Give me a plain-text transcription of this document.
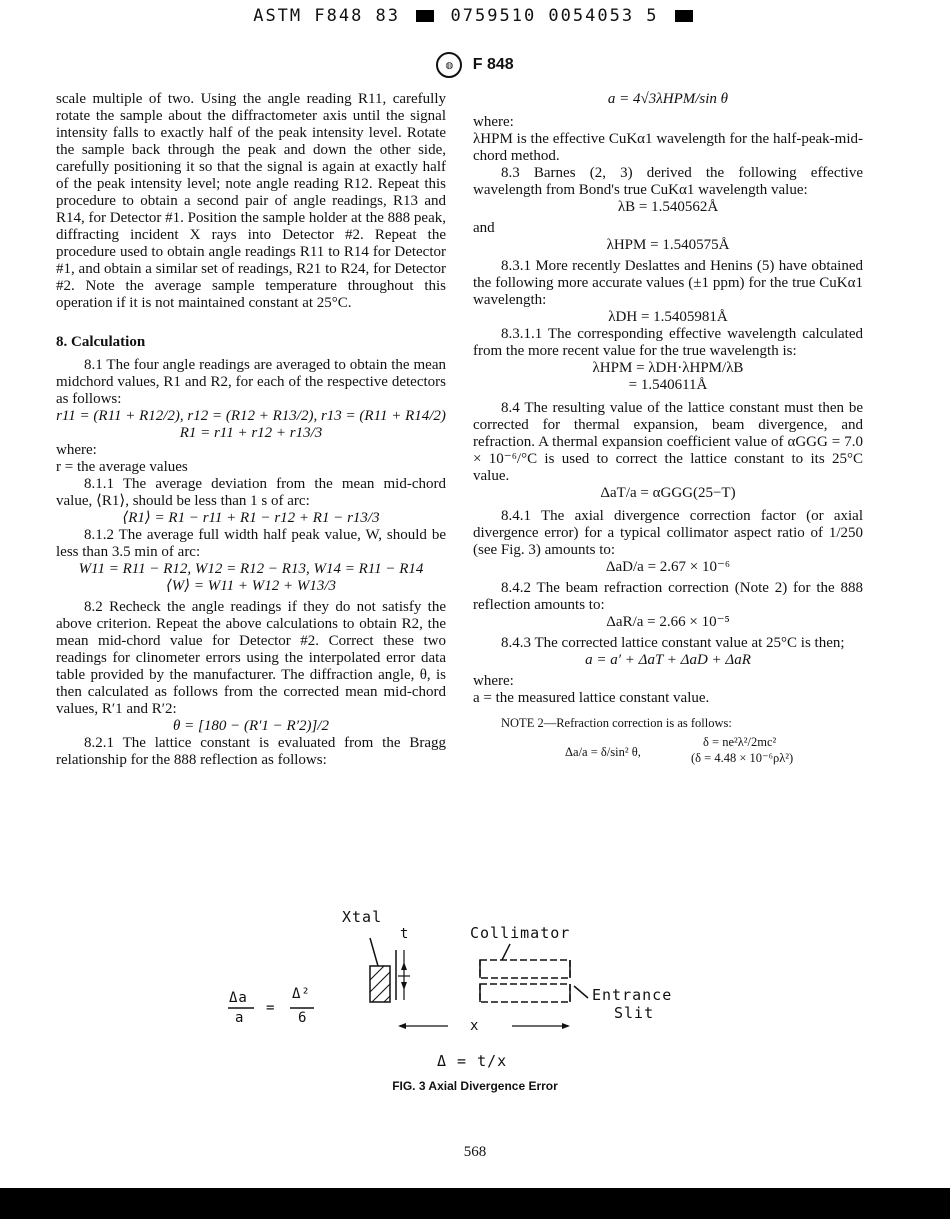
ASTM F848 83	0759510 0054053 5
◍ F 848

scale multiple of two. Using the angle reading R11, carefully rotate the sample about the diffractometer axis until the signal intensity falls to exactly half of the peak intensity level. Rotate the sample back through the peak and down the other side, carefully positioning it so that the signal is again at exactly half of the peak intensity level; note angle reading R12. Repeat this procedure to obtain a second pair of angle readings, R13 and R14, for Detector #1. Position the sample holder at the 888 peak, diffracting incident X rays into Detector #2. Repeat the procedure used to obtain angle readings R11 to R14 for Detector #1, and obtain a similar set of readings, R21 to R24, for Detector #2. Note the average sample temperature throughout this operation if it is not maintained constant at 25°C.

8. Calculation

8.1 The four angle readings are averaged to obtain the mean midchord values, R1 and R2, for each of the respective detectors as follows:

r11 = (R11 + R12/2), r12 = (R12 + R13/2), r13 = (R11 + R14/2)

R1 = r11 + r12 + r13/3

where:

r = the average values

8.1.1 The average deviation from the mean mid-chord value, ⟨R1⟩, should be less than 1 s of arc:

⟨R1⟩ = R1 − r11 + R1 − r12 + R1 − r13/3

8.1.2 The average full width half peak value, W, should be less than 3.5 min of arc:

W11 = R11 − R12, W12 = R12 − R13, W14 = R11 − R14

⟨W⟩ = W11 + W12 + W13/3

8.2 Recheck the angle readings if they do not satisfy the above criterion. Repeat the above calculations to obtain R2, the mean mid-chord value for Detector #2. Correct these two readings for clinometer errors using the interpolated error data table provided by the manufacturer. The diffraction angle, θ, is then calculated as follows from the corrected mean mid-chord values, R′1 and R′2:

θ = [180 − (R′1 − R′2)]/2

8.2.1 The lattice constant is evaluated from the Bragg relationship for the 888 reflection as follows:

a = 4√3λHPM/sin θ

where:

λHPM is the effective CuKα1 wavelength for the half-peak-mid-chord method.

8.3 Barnes (2, 3) derived the following effective wavelength from Bond's true CuKα1 wavelength value:

λB = 1.540562Å

and

λHPM = 1.540575Å

8.3.1 More recently Deslattes and Henins (5) have obtained the following more accurate values (±1 ppm) for the true CuKα1 wavelength:

λDH = 1.5405981Å

8.3.1.1 The corresponding effective wavelength calculated from the more recent value for the true wavelength is:

λHPM = λDH·λHPM/λB

= 1.540611Å

8.4 The resulting value of the lattice constant must then be corrected for thermal expansion, beam divergence, and refraction. A thermal expansion coefficient value of αGGG = 7.0 × 10⁻⁶/°C is used to correct the lattice constant to its 25°C value.

ΔaT/a = αGGG(25−T)

8.4.1 The axial divergence correction factor (or axial divergence error) for a typical collimator aspect ratio of 1/250 (see Fig. 3) amounts to:

ΔaD/a = 2.67 × 10⁻⁶

8.4.2 The beam refraction correction (Note 2) for the 888 reflection amounts to:

ΔaR/a = 2.66 × 10⁻⁵

8.4.3 The corrected lattice constant value at 25°C is then;

a = a′ + ΔaT + ΔaD + ΔaR

where:

a = the measured lattice constant value.

NOTE 2—Refraction correction is as follows:

Δa/a = δ/sin² θ,
δ = ne²λ²/2mc²
(δ = 4.48 × 10⁻⁶ρλ²)
Xtal
t	Collimator
Entrance
Slit
x
Δa
a
=
Δ²
6
Δ = t/x
FIG. 3 Axial Divergence Error
568
